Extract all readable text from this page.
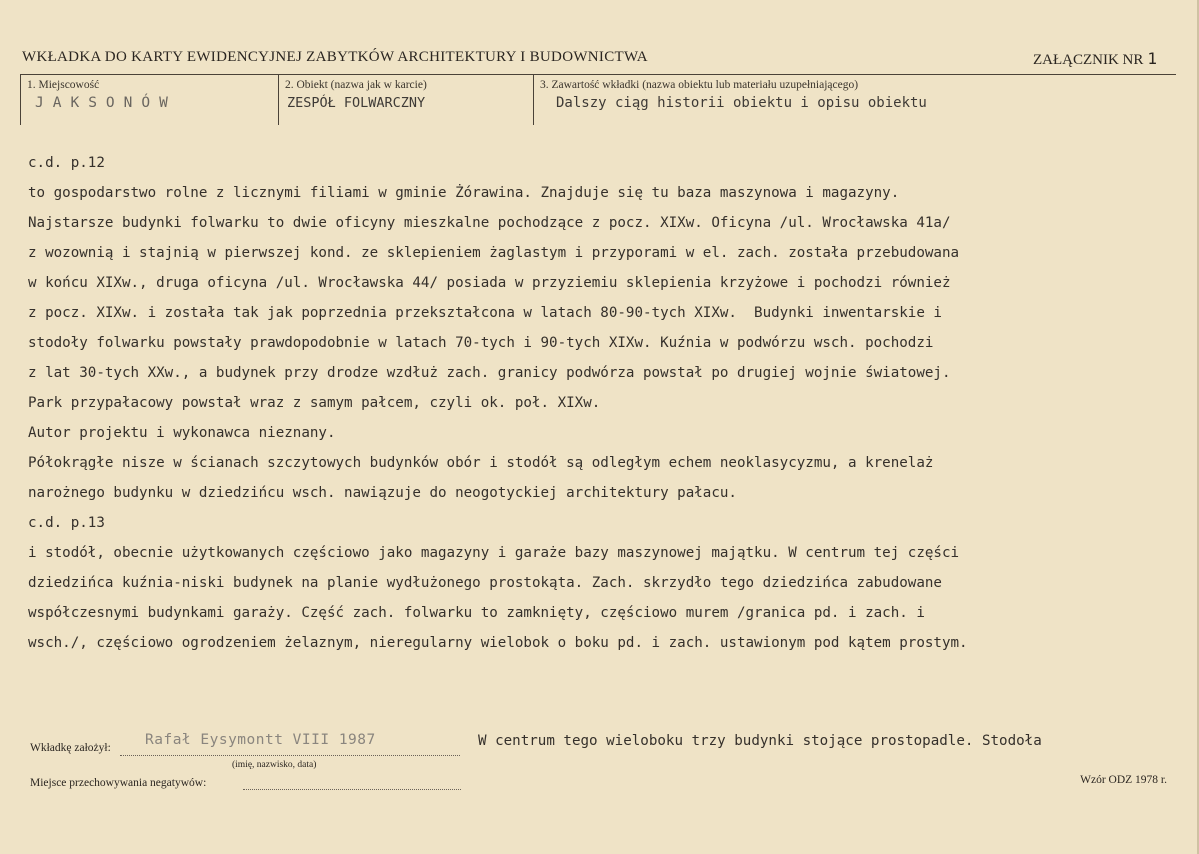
WKŁADKA DO KARTY EWIDENCYJNEJ ZABYTKÓW ARCHITEKTURY I BUDOWNICTWA	ZAŁĄCZNIK NR 1
1. Miejscowość
JAKSONÓW
2. Obiekt (nazwa jak w karcie)
ZESPÓŁ FOLWARCZNY
3. Zawartość wkładki (nazwa obiektu lub materiału uzupełniającego)
Dalszy ciąg historii obiektu i opisu obiektu
c.d. p.12
to gospodarstwo rolne z licznymi filiami w gminie Żórawina. Znajduje się tu baza maszynowa i magazyny.
Najstarsze budynki folwarku to dwie oficyny mieszkalne pochodzące z pocz. XIXw. Oficyna /ul. Wrocławska 41a/
z wozownią i stajnią w pierwszej kond. ze sklepieniem żaglastym i przyporami w el. zach. została przebudowana
w końcu XIXw., druga oficyna /ul. Wrocławska 44/ posiada w przyziemiu sklepienia krzyżowe i pochodzi również
z pocz. XIXw. i została tak jak poprzednia przekształcona w latach 80-90-tych XIXw.  Budynki inwentarskie i
stodoły folwarku powstały prawdopodobnie w latach 70-tych i 90-tych XIXw. Kuźnia w podwórzu wsch. pochodzi
z lat 30-tych XXw., a budynek przy drodze wzdłuż zach. granicy podwórza powstał po drugiej wojnie światowej.
Park przypałacowy powstał wraz z samym pałcem, czyli ok. poł. XIXw.
Autor projektu i wykonawca nieznany.
Półokrągłe nisze w ścianach szczytowych budynków obór i stodół są odległym echem neoklasycyzmu, a krenelaż
narożnego budynku w dziedzińcu wsch. nawiązuje do neogotyckiej architektury pałacu.
c.d. p.13
i stodół, obecnie użytkowanych częściowo jako magazyny i garaże bazy maszynowej majątku. W centrum tej części
dziedzińca kuźnia-niski budynek na planie wydłużonego prostokąta. Zach. skrzydło tego dziedzińca zabudowane
współczesnymi budynkami garaży. Część zach. folwarku to zamknięty, częściowo murem /granica pd. i zach. i
wsch./, częściowo ogrodzeniem żelaznym, nieregularny wielobok o boku pd. i zach. ustawionym pod kątem prostym.
Wkładkę założył: Rafał Eysymontt VIII 1987
(imię, nazwisko, data)
W centrum tego wieloboku trzy budynki stojące prostopadle. Stodoła
Miejsce przechowywania negatywów:	Wzór ODZ 1978 r.
